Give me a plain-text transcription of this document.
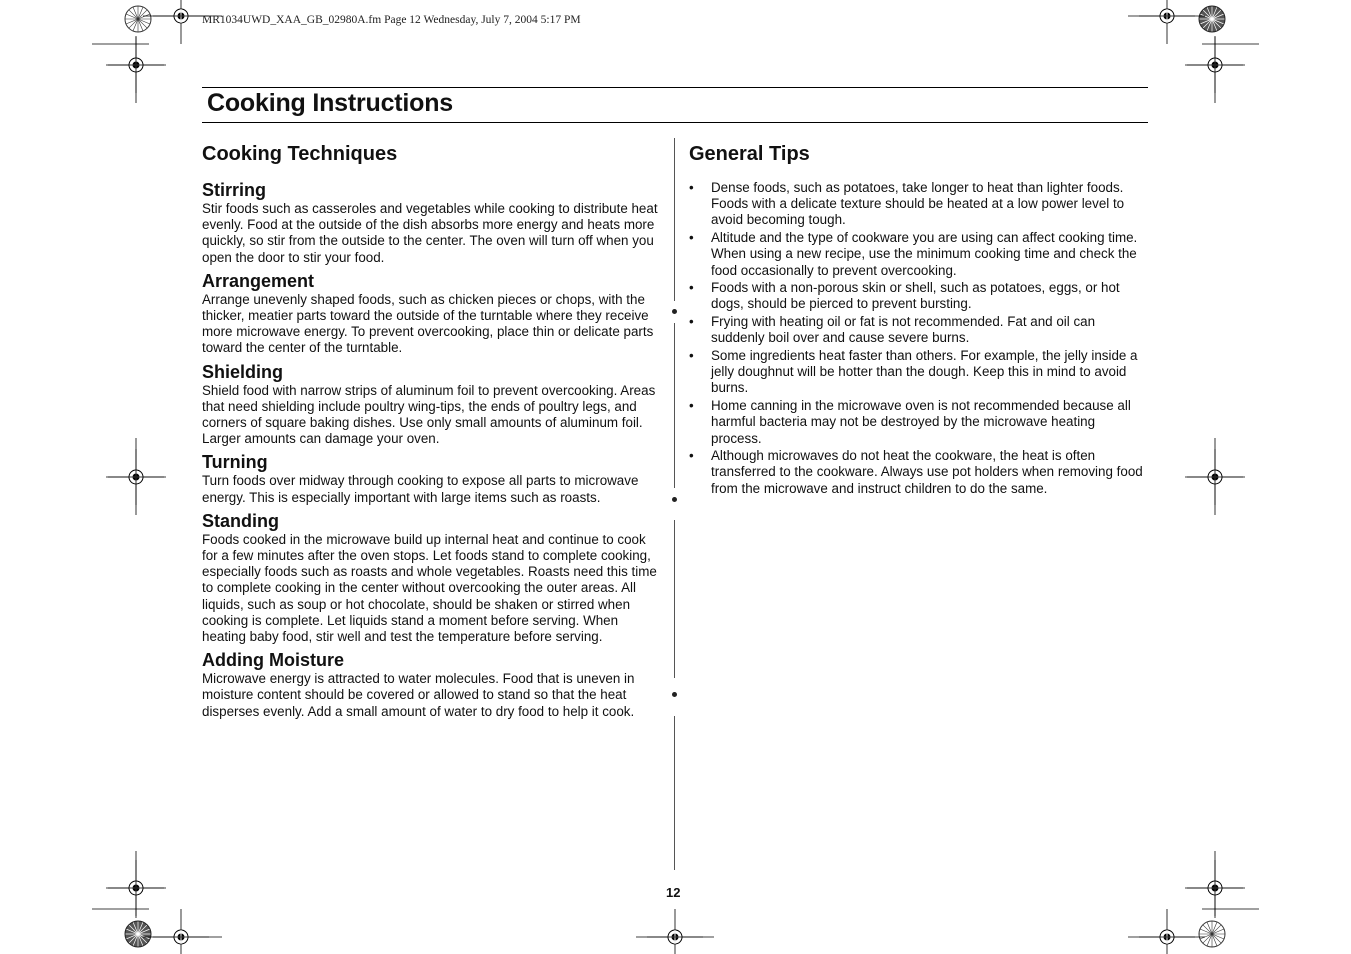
MR1034UWD_XAA_GB_02980A.fm Page 12 Wednesday, July 7, 2004 5:17 PM
Cooking Instructions
Cooking Techniques
Stirring

Stir foods such as casseroles and vegetables while cooking to distribute heat evenly. Food at the outside of the dish absorbs more energy and heats more quickly, so stir from the outside to the center. The oven will turn off when you open the door to stir your food.

Arrangement

Arrange unevenly shaped foods, such as chicken pieces or chops, with the thicker, meatier parts toward the outside of the turntable where they receive more microwave energy. To prevent overcooking, place thin or delicate parts toward the center of the turntable.

Shielding

Shield food with narrow strips of aluminum foil to prevent overcooking. Areas that need shielding include poultry wing-tips, the ends of poultry legs, and corners of square baking dishes. Use only small amounts of aluminum foil. Larger amounts can damage your oven.

Turning

Turn foods over midway through cooking to expose all parts to microwave energy. This is especially important with large items such as roasts.

Standing

Foods cooked in the microwave build up internal heat and continue to cook for a few minutes after the oven stops. Let foods stand to complete cooking, especially foods such as roasts and whole vegetables. Roasts need this time to complete cooking in the center without overcooking the outer areas. All liquids, such as soup or hot chocolate, should be shaken or stirred when cooking is complete. Let liquids stand a moment before serving. When heating baby food, stir well and test the temperature before serving.

Adding Moisture

Microwave energy is attracted to water molecules. Food that is uneven in moisture content should be covered or allowed to stand so that the heat disperses evenly. Add a small amount of water to dry food to help it cook.

General Tips
• Dense foods, such as potatoes, take longer to heat than lighter foods. Foods with a delicate texture should be heated at a low power level to avoid becoming tough.
• Altitude and the type of cookware you are using can affect cooking time. When using a new recipe, use the minimum cooking time and check the food occasionally to prevent overcooking.
• Foods with a non-porous skin or shell, such as potatoes, eggs, or hot dogs, should be pierced to prevent bursting.
• Frying with heating oil or fat is not recommended. Fat and oil can suddenly boil over and cause severe burns.
• Some ingredients heat faster than others. For example, the jelly inside a jelly doughnut will be hotter than the dough. Keep this in mind to avoid burns.
• Home canning in the microwave oven is not recommended because all harmful bacteria may not be destroyed by the microwave heating process.
• Although microwaves do not heat the cookware, the heat is often transferred to the cookware. Always use pot holders when removing food from the microwave and instruct children to do the same.
12
